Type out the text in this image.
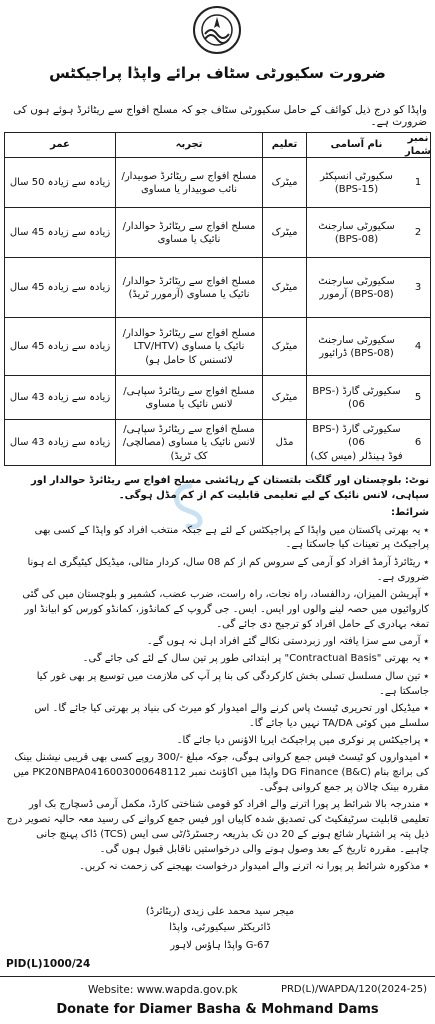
ضرورت سکیورٹی سٹاف برائے واپڈا پراجیکٹس
واپڈا کو درج ذیل کوائف کے حامل سکیورٹی سٹاف جو کہ مسلح افواج سے ریٹائرڈ ہوئے ہوں کی ضرورت ہے۔
نمبر شمار
نام آسامی
تعلیم
تجربہ
عمر
1
سکیورٹی انسپکٹر
(BPS-15)
میٹرک
مسلح افواج سے ریٹائرڈ صوبیدار/نائب صوبیدار یا مساوی
زیادہ سے زیادہ 50 سال
2
سکیورٹی سارجنٹ
(BPS-08)
میٹرک
مسلح افواج سے ریٹائرڈ حوالدار/نائیک یا مساوی
زیادہ سے زیادہ 45 سال
3
سکیورٹی سارجنٹ
(BPS-08) آرمورر
میٹرک
مسلح افواج سے ریٹائرڈ حوالدار/نائیک یا مساوی (آرمورر ٹریڈ)
زیادہ سے زیادہ 45 سال
4
سکیورٹی سارجنٹ
(BPS-08) ڈرائیور
میٹرک
مسلح افواج سے ریٹائرڈ حوالدار/نائیک یا مساوی (LTV/HTV لائسنس کا حامل ہو)
زیادہ سے زیادہ 45 سال
5
سکیورٹی گارڈ (BPS-06)
میٹرک
مسلح افواج سے ریٹائرڈ سپاہی/لانس نائیک یا مساوی
زیادہ سے زیادہ 43 سال
6
سکیورٹی گارڈ (BPS-06)
فوڈ ہینڈلر (میس کک)
مڈل
مسلح افواج سے ریٹائرڈ سپاہی/لانس نائیک یا مساوی (مصالچی/کک ٹریڈ)
زیادہ سے زیادہ 43 سال

نوٹ: بلوچستان اور گلگت بلتستان کے رہائشی مسلح افواج سے ریٹائرڈ حوالدار اور سپاہی، لانس نائیک کے لیے تعلیمی قابلیت کم از کم مڈل ہوگی۔

شرائط:

٭ یہ بھرتی پاکستان میں واپڈا کے پراجیکٹس کے لئے ہے جبکہ منتخب افراد کو واپڈا کے کسی بھی پراجیکٹ پر تعینات کیا جاسکتا ہے۔

٭ ریٹائرڈ آرمڈ افراد کو آرمی کے سروس کم از کم 08 سال، کردار مثالی، میڈیکل کیٹیگری اے ہونا ضروری ہے۔

٭ آپریشن المیزان، ردالفساد، راہ نجات، راہ راست، ضرب عضب، کشمیر و بلوچستان میں کی گئی کاروائیوں میں حصہ لینے والوں اور ایس۔ ایس۔ جی گروپ کے کمانڈوز، کمانڈو کورس کو ابیانڈ اور تمغہ بہادری کے حامل افراد کو ترجیح دی جائے گی۔

٭ آرمی سے سزا یافتہ اور زبردستی نکالے گئے افراد اہل نہ ہوں گے۔

٭ یہ بھرتی "Contractual Basis" پر ابتدائی طور پر تین سال کے لئے کی جائے گی۔

٭ تین سال مسلسل تسلی بخش کارکردگی کی بنا پر آپ کی ملازمت میں توسیع پر بھی غور کیا جاسکتا ہے۔

٭ میڈیکل اور تحریری ٹیسٹ پاس کرنے والے امیدوار کو میرٹ کی بنیاد پر بھرتی کیا جائے گا۔ اس سلسلے میں کوئی TA/DA نہیں دیا جائے گا۔

٭ پراجیکٹس پر نوکری میں پراجیکٹ ایریا الاؤنس دیا جائے گا۔

٭ امیدواروں کو ٹیسٹ فیس جمع کروانی ہوگی، جوکہ مبلغ -/300 روپے کسی بھی قریبی نیشنل بینک کی برانچ بنام DG Finance (B&C) واپڈا میں اکاؤنٹ نمبر PK20NBPA0416003000648112 میں مقررہ بینک چالان پر جمع کروانی ہوگی۔

٭ مندرجہ بالا شرائط پر پورا اترنے والے افراد کو قومی شناختی کارڈ، مکمل آرمی ڈسچارج بک اور تعلیمی قابلیت سرٹیفکیٹ کی تصدیق شدہ کاپیاں اور فیس جمع کروانے کی رسید معہ حالیہ تصویر درج ذیل پتہ پر اشتہار شائع ہونے کے 20 دن تک بذریعہ رجسٹرڈ/ٹی سی ایس (TCS) ڈاک پہنچ جانی چاہیے۔ مقررہ تاریخ کے بعد وصول ہونے والی درخواستیں ناقابل قبول ہوں گی۔

٭ مذکورہ شرائط پر پورا نہ اترنے والے امیدوار درخواست بھیجنے کی زحمت نہ کریں۔

میجر سید محمد علی زیدی (ریٹائرڈ)
ڈائریکٹر سیکیورٹی، واپڈا
G-67 واپڈا ہاؤس لاہور
PID(L)1000/24
Website: www.wapda.gov.pk	PRD(L)/WAPDA/120(2024-25)
Donate for Diamer Basha & Mohmand Dams
